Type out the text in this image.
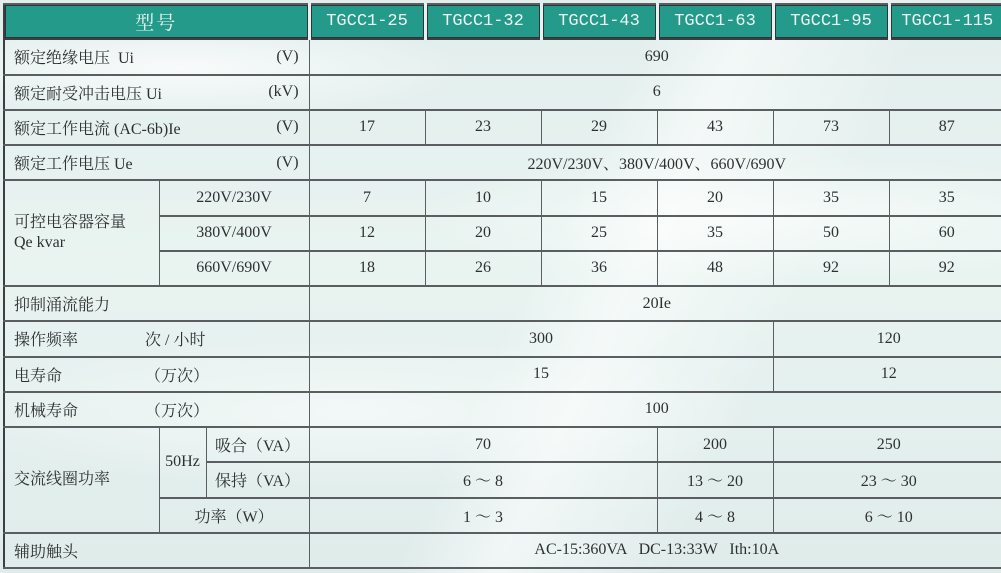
型号			TGCC1-25	TGCC1-32	TGCC1-43	TGCC1-63	TGCC1-95	TGCC1-115

额定绝缘电压  Ui (V)			690					

额定耐受冲击电压 Ui (kV)			6					

额定工作电流 (AC-6b)Ie (V)			17	23	29	43	73	87

额定工作电压 Ue (V)			220V/230V、380V/400V、660V/690V					

可控电容器容量
Qe kvar	220V/230V		7	10	15	20	35	35
	380V/400V		12	20	25	35	50	60
	660V/690V		18	26	36	48	92	92

抑制涌流能力			20Ie					

操作频率 次 / 小时			300				120	

电寿命 （万次）			15				12	

机械寿命 （万次）			100					

交流线圈功率	50Hz	吸合（VA）	70			200	250	
		保持（VA）	6 ～ 8			13 ～ 20	23 ～ 30	
	功率（W）		1 ～ 3			4 ～ 8	6 ～ 10	

辅助触头			AC-15:360VA   DC-13:33W   Ith:10A					
